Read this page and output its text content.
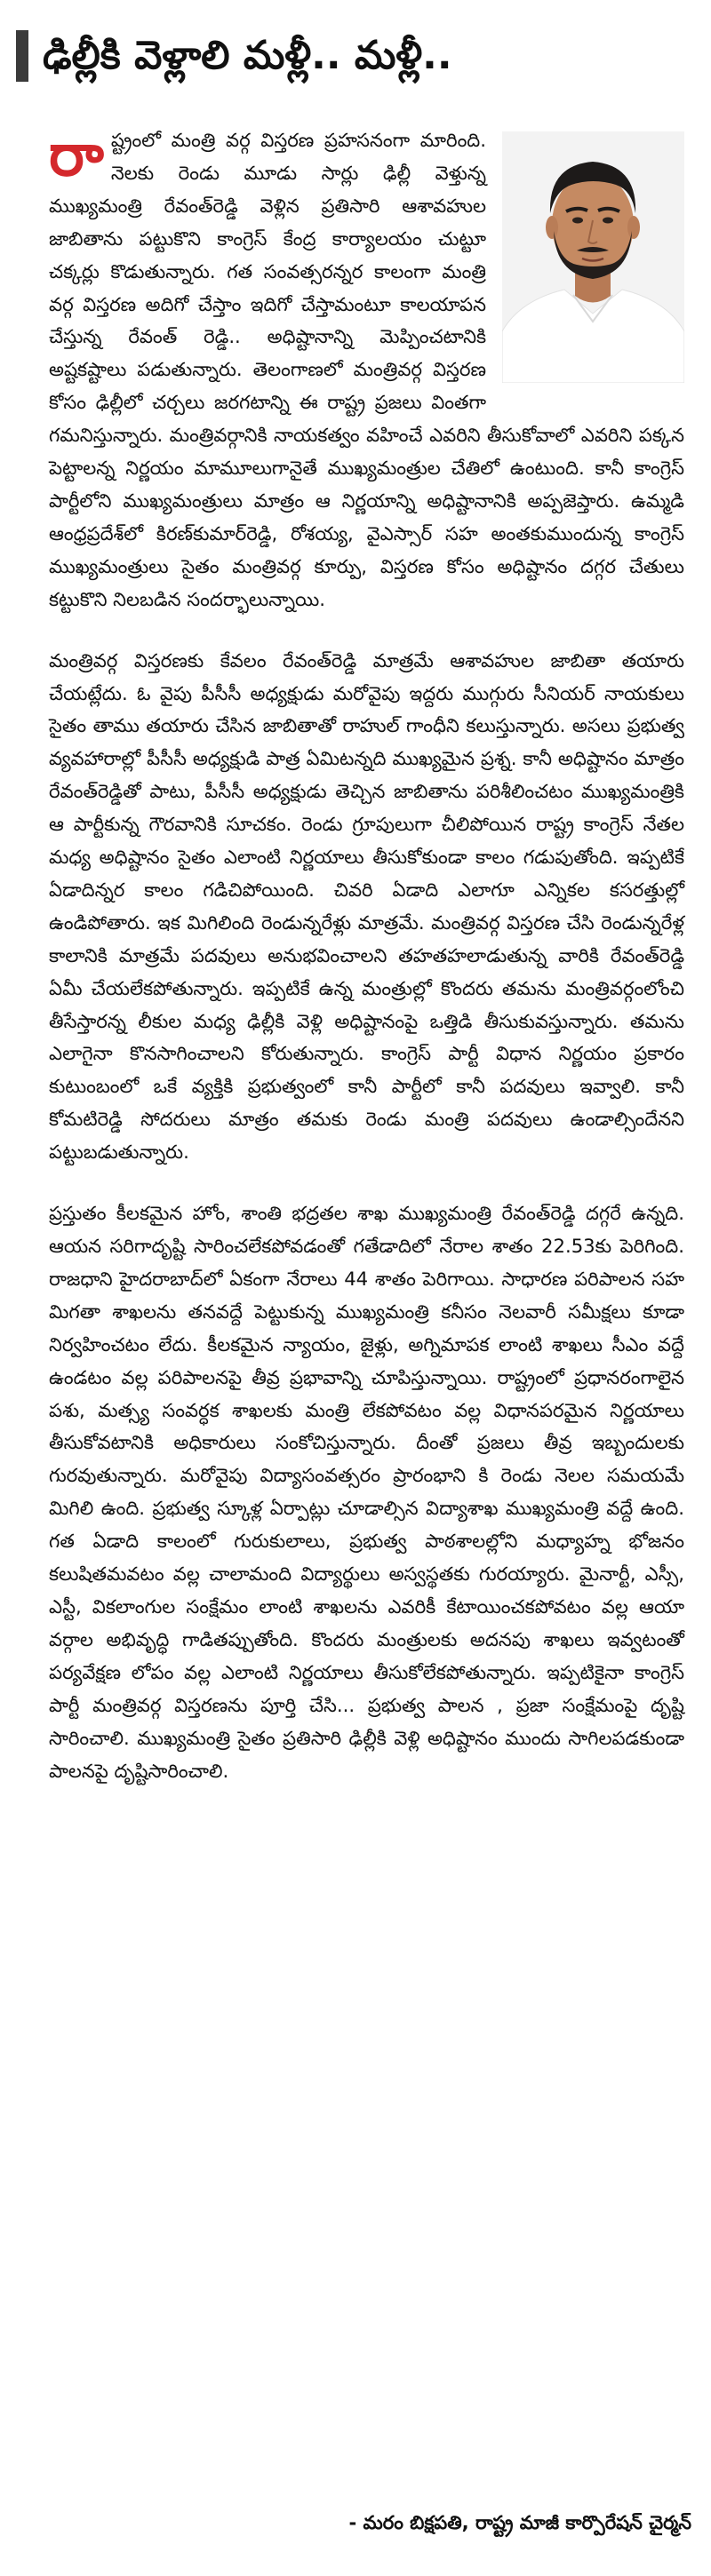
ఢిల్లీకి వెళ్లాలి మళ్లీ.. మళ్లీ..

రాష్ట్రంలో మంత్రి వర్గ విస్తరణ ప్రహసనంగా మారింది. నెలకు రెండు మూడు సార్లు ఢిల్లీ వెళ్తున్న ముఖ్యమంత్రి రేవంత్‌రెడ్డి వెళ్లిన ప్రతిసారి ఆశావహుల జాబితాను పట్టుకొని కాంగ్రెస్ కేంద్ర కార్యాలయం చుట్టూ చక్కర్లు కొడుతున్నారు. గత సంవత్సరన్నర కాలంగా మంత్రి వర్గ విస్తరణ అదిగో చేస్తాం ఇదిగో చేస్తామంటూ కాలయాపన చేస్తున్న రేవంత్ రెడ్డి.. అధిష్టానాన్ని మెప్పించటానికి అష్టకష్టాలు పడుతున్నారు. తెలంగాణలో మంత్రివర్గ విస్తరణ కోసం ఢిల్లీలో చర్చలు జరగటాన్ని ఈ రాష్ట్ర ప్రజలు వింతగా గమనిస్తున్నారు. మంత్రివర్గానికి నాయకత్వం వహించే ఎవరిని తీసుకోవాలో ఎవరిని పక్కన పెట్టాలన్న నిర్ణయం మామూలుగానైతే ముఖ్యమంత్రుల చేతిలో ఉంటుంది. కానీ కాంగ్రెస్ పార్టీలోని ముఖ్యమంత్రులు మాత్రం ఆ నిర్ణయాన్ని అధిష్టానానికి అప్పజెప్తారు. ఉమ్మడి ఆంధ్రప్రదేశ్‌లో కిరణ్‌కుమార్‌రెడ్డి, రోశయ్య, వైఎస్సార్ సహ అంతకుముందున్న కాంగ్రెస్ ముఖ్యమంత్రులు సైతం మంత్రివర్గ కూర్పు, విస్తరణ కోసం అధిష్టానం దగ్గర చేతులు కట్టుకొని నిలబడిన సందర్భాలున్నాయి.

మంత్రివర్గ విస్తరణకు కేవలం రేవంత్‌రెడ్డి మాత్రమే ఆశావహుల జాబితా తయారు చేయట్లేదు. ఓ వైపు పీసీసీ అధ్యక్షుడు మరోవైపు ఇద్దరు ముగ్గురు సీనియర్ నాయకులు సైతం తాము తయారు చేసిన జాబితాతో రాహుల్ గాంధీని కలుస్తున్నారు. అసలు ప్రభుత్వ వ్యవహారాల్లో పీసీసీ అధ్యక్షుడి పాత్ర ఏమిటన్నది ముఖ్యమైన ప్రశ్న. కానీ అధిష్టానం మాత్రం రేవంత్‌రెడ్డితో పాటు, పీసీసీ అధ్యక్షుడు తెచ్చిన జాబితాను పరిశీలించటం ముఖ్యమంత్రికి ఆ పార్టీకున్న గౌరవానికి సూచకం. రెండు గ్రూపులుగా చీలిపోయిన రాష్ట్ర కాంగ్రెస్ నేతల మధ్య అధిష్టానం సైతం ఎలాంటి నిర్ణయాలు తీసుకోకుండా కాలం గడుపుతోంది. ఇప్పటికే ఏడాదిన్నర కాలం గడిచిపోయింది. చివరి ఏడాది ఎలాగూ ఎన్నికల కసరత్తుల్లో ఉండిపోతారు. ఇక మిగిలింది రెండున్నరేళ్లు మాత్రమే. మంత్రివర్గ విస్తరణ చేసి రెండున్నరేళ్ల కాలానికి మాత్రమే పదవులు అనుభవించాలని తహతహలాడుతున్న వారికి రేవంత్‌రెడ్డి ఏమీ చేయలేకపోతున్నారు. ఇప్పటికే ఉన్న మంత్రుల్లో కొందరు తమను మంత్రివర్గంలోంచి తీసేస్తారన్న లీకుల మధ్య ఢిల్లీకి వెళ్లి అధిష్టానంపై ఒత్తిడి తీసుకువస్తున్నారు. తమను ఎలాగైనా కొనసాగించాలని కోరుతున్నారు. కాంగ్రెస్ పార్టీ విధాన నిర్ణయం ప్రకారం కుటుంబంలో ఒకే వ్యక్తికి ప్రభుత్వంలో కానీ పార్టీలో కానీ పదవులు ఇవ్వాలి. కానీ కోమటిరెడ్డి సోదరులు మాత్రం తమకు రెండు మంత్రి పదవులు ఉండాల్సిందేనని పట్టుబడుతున్నారు.

ప్రస్తుతం కీలకమైన హోం, శాంతి భద్రతల శాఖ ముఖ్యమంత్రి రేవంత్‌రెడ్డి దగ్గరే ఉన్నది. ఆయన సరిగాదృష్టి సారించలేకపోవడంతో గతేడాదిలో నేరాల శాతం 22.53కు పెరిగింది. రాజధాని హైదరాబాద్‌లో ఏకంగా నేరాలు 44 శాతం పెరిగాయి. సాధారణ పరిపాలన సహ మిగతా శాఖలను తనవద్దే పెట్టుకున్న ముఖ్యమంత్రి కనీసం నెలవారీ సమీక్షలు కూడా నిర్వహించటం లేదు. కీలకమైన న్యాయం, జైళ్లు, అగ్నిమాపక లాంటి శాఖలు సీఎం వద్దే ఉండటం వల్ల పరిపాలనపై తీవ్ర ప్రభావాన్ని చూపిస్తున్నాయి. రాష్ట్రంలో ప్రధానరంగాలైన పశు, మత్స్య సంవర్ధక శాఖలకు మంత్రి లేకపోవటం వల్ల విధానపరమైన నిర్ణయాలు తీసుకోవటానికి అధికారులు సంకోచిస్తున్నారు. దీంతో ప్రజలు తీవ్ర ఇబ్బందులకు గురవుతున్నారు. మరోవైపు విద్యాసంవత్సరం ప్రారంభాని కి రెండు నెలల సమయమే మిగిలి ఉంది. ప్రభుత్వ స్కూళ్ల ఏర్పాట్లు చూడాల్సిన విద్యాశాఖ ముఖ్యమంత్రి వద్దే ఉంది. గత ఏడాది కాలంలో గురుకులాలు, ప్రభుత్వ పాఠశాలల్లోని మధ్యాహ్న భోజనం కలుషితమవటం వల్ల చాలామంది విద్యార్థులు అస్వస్థతకు గురయ్యారు. మైనార్టీ, ఎస్సీ, ఎస్టీ, వికలాంగుల సంక్షేమం లాంటి శాఖలను ఎవరికీ కేటాయించకపోవటం వల్ల ఆయా వర్గాల అభివృద్ధి గాడితప్పుతోంది. కొందరు మంత్రులకు అదనపు శాఖలు ఇవ్వటంతో పర్యవేక్షణ లోపం వల్ల ఎలాంటి నిర్ణయాలు తీసుకోలేకపోతున్నారు. ఇప్పటికైనా కాంగ్రెస్ పార్టీ మంత్రివర్గ విస్తరణను పూర్తి చేసి... ప్రభుత్వ పాలన , ప్రజా సంక్షేమంపై దృష్టి సారించాలి. ముఖ్యమంత్రి సైతం ప్రతిసారి ఢిల్లీకి వెళ్లి అధిష్టానం ముందు సాగిలపడకుండా పాలనపై దృష్టిసారించాలి.

- మరం బిక్షపతి, రాష్ట్ర మాజీ కార్పొరేషన్ చైర్మన్
